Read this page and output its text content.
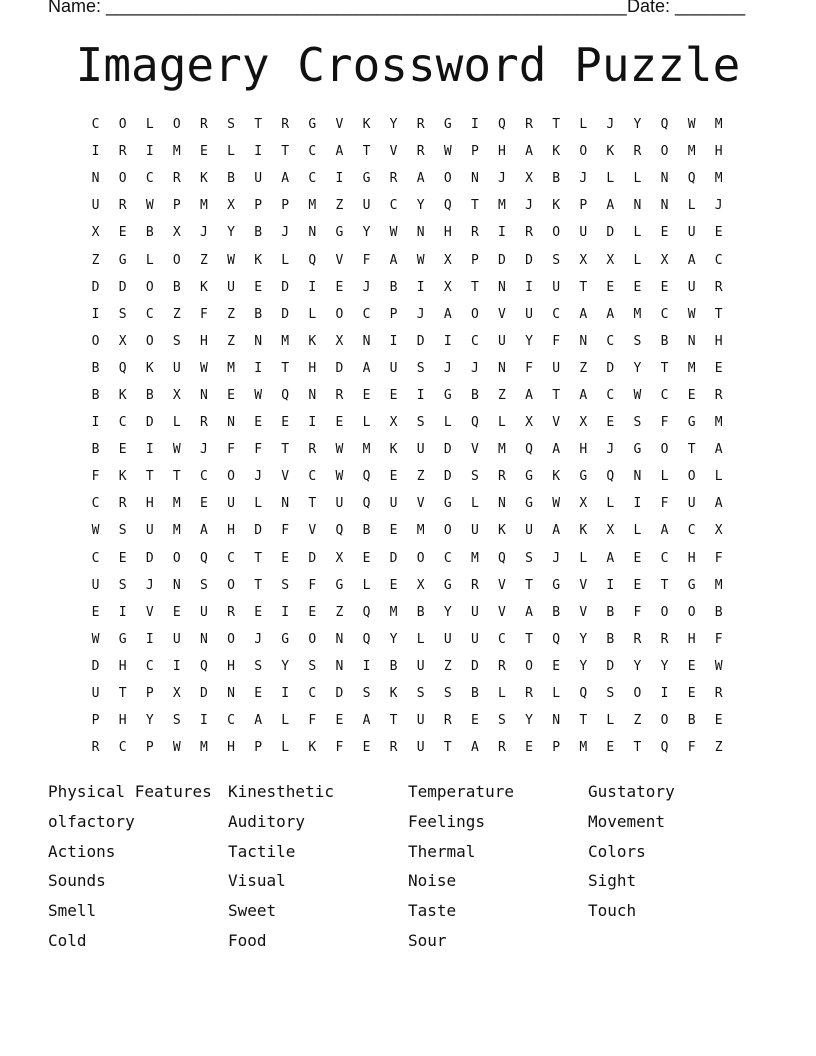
Name: ____________________________________________________ Date: _______
Imagery Crossword Puzzle
C	O	L	O	R	S	T	R	G	V	K	Y	R	G	I	Q	R	T	L	J	Y	Q	W	M
I	R	I	M	E	L	I	T	C	A	T	V	R	W	P	H	A	K	O	K	R	O	M	H
N	O	C	R	K	B	U	A	C	I	G	R	A	O	N	J	X	B	J	L	L	N	Q	M
U	R	W	P	M	X	P	P	M	Z	U	C	Y	Q	T	M	J	K	P	A	N	N	L	J
X	E	B	X	J	Y	B	J	N	G	Y	W	N	H	R	I	R	O	U	D	L	E	U	E
Z	G	L	O	Z	W	K	L	Q	V	F	A	W	X	P	D	D	S	X	X	L	X	A	C
D	D	O	B	K	U	E	D	I	E	J	B	I	X	T	N	I	U	T	E	E	E	U	R
I	S	C	Z	F	Z	B	D	L	O	C	P	J	A	O	V	U	C	A	A	M	C	W	T
O	X	O	S	H	Z	N	M	K	X	N	I	D	I	C	U	Y	F	N	C	S	B	N	H
B	Q	K	U	W	M	I	T	H	D	A	U	S	J	J	N	F	U	Z	D	Y	T	M	E
B	K	B	X	N	E	W	Q	N	R	E	E	I	G	B	Z	A	T	A	C	W	C	E	R
I	C	D	L	R	N	E	E	I	E	L	X	S	L	Q	L	X	V	X	E	S	F	G	M
B	E	I	W	J	F	F	T	R	W	M	K	U	D	V	M	Q	A	H	J	G	O	T	A
F	K	T	T	C	O	J	V	C	W	Q	E	Z	D	S	R	G	K	G	Q	N	L	O	L
C	R	H	M	E	U	L	N	T	U	Q	U	V	G	L	N	G	W	X	L	I	F	U	A
W	S	U	M	A	H	D	F	V	Q	B	E	M	O	U	K	U	A	K	X	L	A	C	X
C	E	D	O	Q	C	T	E	D	X	E	D	O	C	M	Q	S	J	L	A	E	C	H	F
U	S	J	N	S	O	T	S	F	G	L	E	X	G	R	V	T	G	V	I	E	T	G	M
E	I	V	E	U	R	E	I	E	Z	Q	M	B	Y	U	V	A	B	V	B	F	O	O	B
W	G	I	U	N	O	J	G	O	N	Q	Y	L	U	U	C	T	Q	Y	B	R	R	H	F
D	H	C	I	Q	H	S	Y	S	N	I	B	U	Z	D	R	O	E	Y	D	Y	Y	E	W
U	T	P	X	D	N	E	I	C	D	S	K	S	S	B	L	R	L	Q	S	O	I	E	R
P	H	Y	S	I	C	A	L	F	E	A	T	U	R	E	S	Y	N	T	L	Z	O	B	E
R	C	P	W	M	H	P	L	K	F	E	R	U	T	A	R	E	P	M	E	T	Q	F	Z
Physical Features	Kinesthetic	Temperature	Gustatory
olfactory	Auditory	Feelings	Movement
Actions	Tactile	Thermal	Colors
Sounds	Visual	Noise	Sight
Smell	Sweet	Taste	Touch
Cold	Food	Sour
